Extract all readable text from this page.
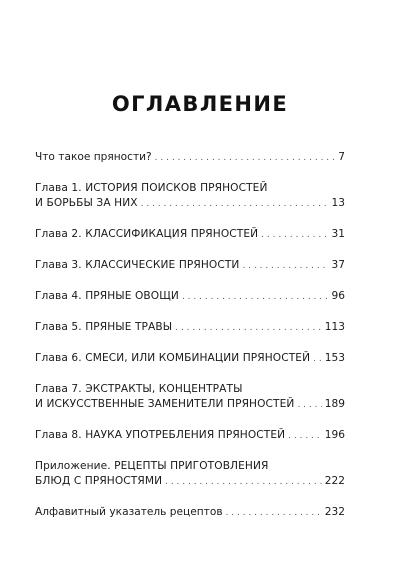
ОГЛАВЛЕНИЕ
Что такое пряности? . . .	7
Глава 1. ИСТОРИЯ ПОИСКОВ ПРЯНОСТЕЙ
И БОРЬБЫ ЗА НИХ . . .	13
Глава 2. КЛАССИФИКАЦИЯ ПРЯНОСТЕЙ . . .	31
Глава 3. КЛАССИЧЕСКИЕ ПРЯНОСТИ . . .	37
Глава 4. ПРЯНЫЕ ОВОЩИ . . .	96
Глава 5. ПРЯНЫЕ ТРАВЫ . . .	113
Глава 6. СМЕСИ, ИЛИ КОМБИНАЦИИ ПРЯНОСТЕЙ . . . 153
Глава 7. ЭКСТРАКТЫ, КОНЦЕНТРАТЫ
И ИСКУССТВЕННЫЕ ЗАМЕНИТЕЛИ ПРЯНОСТЕЙ . . .	189
Глава 8. НАУКА УПОТРЕБЛЕНИЯ ПРЯНОСТЕЙ . . .	196
Приложение. РЕЦЕПТЫ ПРИГОТОВЛЕНИЯ
БЛЮД С ПРЯНОСТЯМИ . . .	222
Алфавитный указатель рецептов . . .	232
